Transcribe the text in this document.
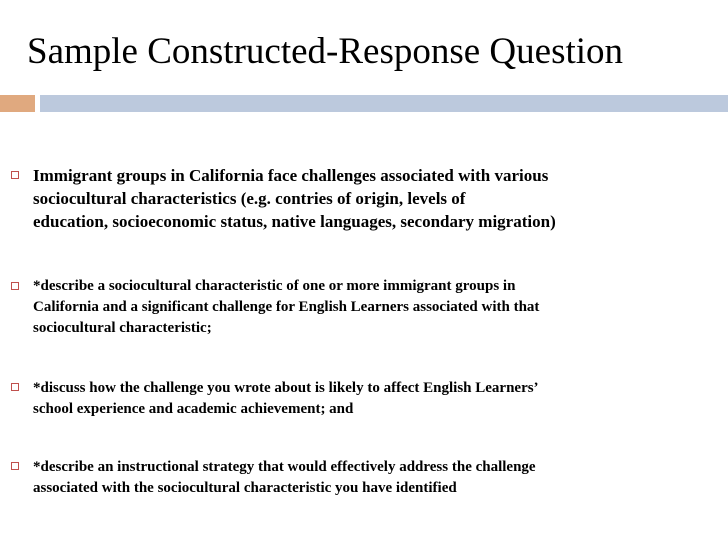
Sample Constructed-Response Question
Immigrant groups in California face challenges associated with various
sociocultural characteristics (e.g. contries of origin, levels of
education, socioeconomic status, native languages, secondary migration)
*describe a sociocultural characteristic of one or more immigrant groups in
California and a significant challenge for English Learners associated with that
sociocultural characteristic;
*discuss how the challenge you wrote about is likely to affect English Learners’
school experience and academic achievement; and
*describe an instructional strategy that would effectively address the challenge
associated with the sociocultural characteristic you have identified
